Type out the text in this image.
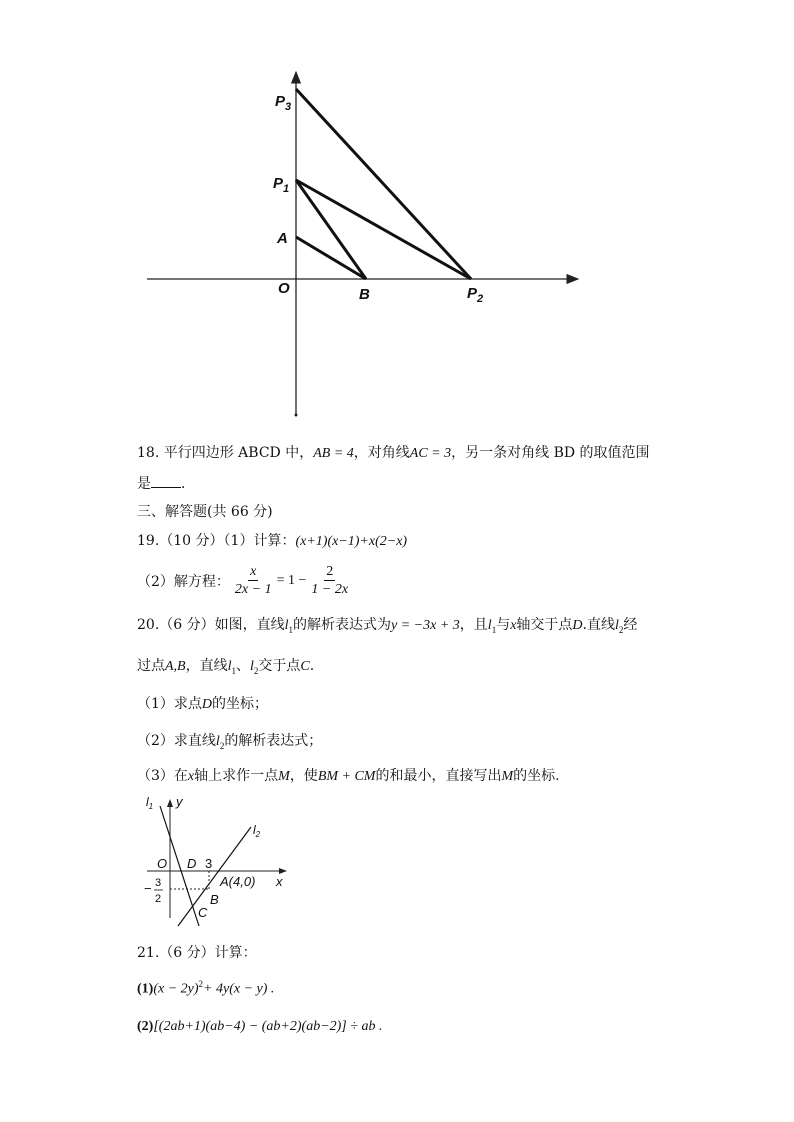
$P_3$
$P_1$
A
O	B	$P_2$
18. 平行四边形 ABCD 中，AB = 4，对角线AC = 3，另一条对角线 BD 的取值范围
是 .
三、解答题(共 66 分)
19.（10 分）（1）计算：(x+1)(x−1)+x(2−x)
（2）解方程： $\frac{x}{2x - 1} = 1 - \frac{2}{1 - 2x}$
20.（6 分）如图，直线$l_1$的解析表达式为y = −3x + 3，且$l_1$与x轴交于点D.直线$l_2$经
过点A,B，直线$l_1$、$l_2$交于点C.
（1）求点D的坐标；
（2）求直线$l_2$的解析表达式；
（3）在x轴上求作一点M，使BM + CM的和最小，直接写出M的坐标.
$l_1$ y
$l_2$
O D 3
x
A(4,0)
B
C
− 3
2
21.（6 分）计算：
$(1)(x - 2y)^2+ 4y(x - y)$ .
(2)[(2ab+1)(ab−4) − (ab+2)(ab−2)] ÷ ab .
